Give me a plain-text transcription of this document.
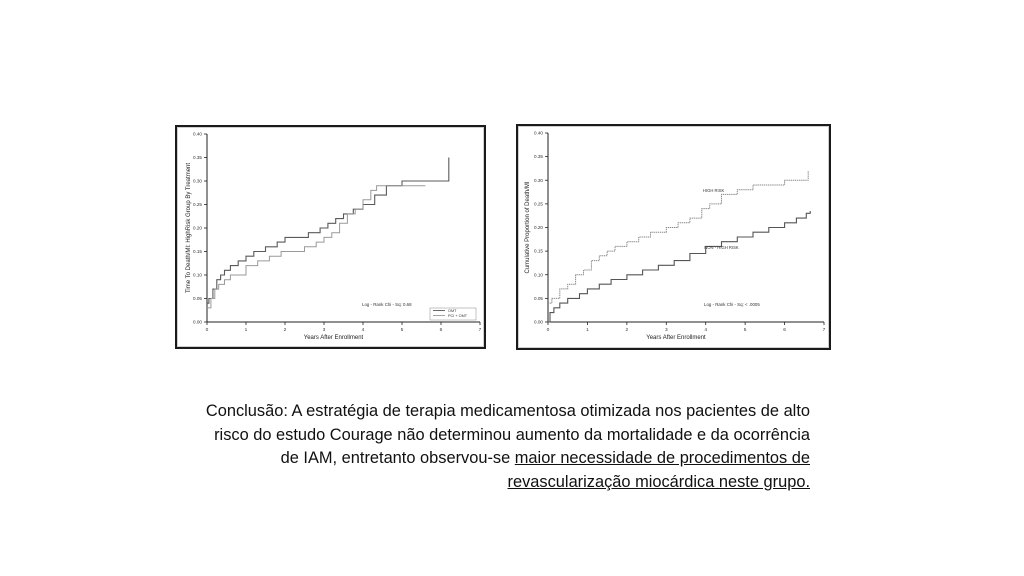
0.00
0.05
0.10
0.15
0.20
0.25
0.30
0.35
0.40
0	1	2	3	4	5	6	7
Years After Enrollment
Time To Death/MI: HighRisk Group By Treatment
Log - Rank Chi - Sq: 0.68
OMT
PCI + OMT
0.00
0.05
0.10
0.15
0.20
0.25
0.30
0.35
0.40
0	1	2	3	4	5	6	7
Years After Enrollment
Cumulative Proportion of Death/MI
Log - Rank Chi - Sq: < .0005
HIGH RISK
NON - HIGH RISK
Conclusão: A estratégia de terapia medicamentosa otimizada nos pacientes de alto risco do estudo Courage não determinou aumento da mortalidade e da ocorrência de IAM, entretanto observou-se maior necessidade de procedimentos de revascularização miocárdica neste grupo.
